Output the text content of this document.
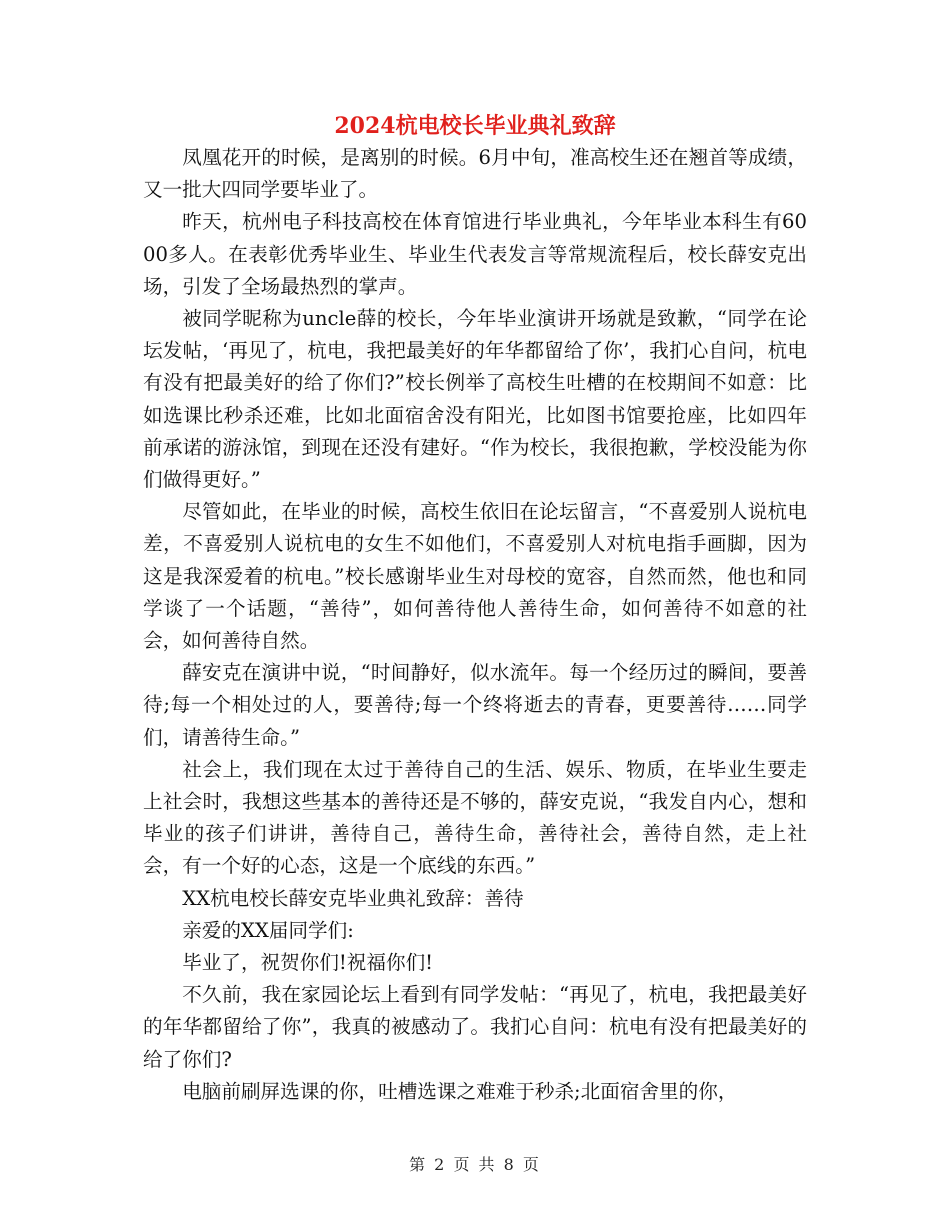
2024杭电校长毕业典礼致辞

凤凰花开的时候，是离别的时候。6月中旬，准高校生还在翘首等成绩，又一批大四同学要毕业了。

昨天，杭州电子科技高校在体育馆进行毕业典礼，今年毕业本科生有6000多人。在表彰优秀毕业生、毕业生代表发言等常规流程后，校长薛安克出场，引发了全场最热烈的掌声。

被同学昵称为uncle薛的校长，今年毕业演讲开场就是致歉，“同学在论坛发帖，‘再见了，杭电，我把最美好的年华都留给了你’，我扪心自问，杭电有没有把最美好的给了你们?”校长例举了高校生吐槽的在校期间不如意：比如选课比秒杀还难，比如北面宿舍没有阳光，比如图书馆要抢座，比如四年前承诺的游泳馆，到现在还没有建好。“作为校长，我很抱歉，学校没能为你们做得更好。”

尽管如此，在毕业的时候，高校生依旧在论坛留言，“不喜爱别人说杭电差，不喜爱别人说杭电的女生不如他们，不喜爱别人对杭电指手画脚，因为这是我深爱着的杭电。”校长感谢毕业生对母校的宽容，自然而然，他也和同学谈了一个话题，“善待”，如何善待他人善待生命，如何善待不如意的社会，如何善待自然。

薛安克在演讲中说，“时间静好，似水流年。每一个经历过的瞬间，要善待;每一个相处过的人，要善待;每一个终将逝去的青春，更要善待……同学们，请善待生命。”

社会上，我们现在太过于善待自己的生活、娱乐、物质，在毕业生要走上社会时，我想这些基本的善待还是不够的，薛安克说，“我发自内心，想和毕业的孩子们讲讲，善待自己，善待生命，善待社会，善待自然，走上社会，有一个好的心态，这是一个底线的东西。”

XX杭电校长薛安克毕业典礼致辞：善待

亲爱的XX届同学们:

毕业了，祝贺你们!祝福你们!

不久前，我在家园论坛上看到有同学发帖：“再见了，杭电，我把最美好的年华都留给了你”，我真的被感动了。我扪心自问：杭电有没有把最美好的给了你们?

电脑前刷屏选课的你，吐槽选课之难难于秒杀;北面宿舍里的你，

第 2 页 共 8 页
